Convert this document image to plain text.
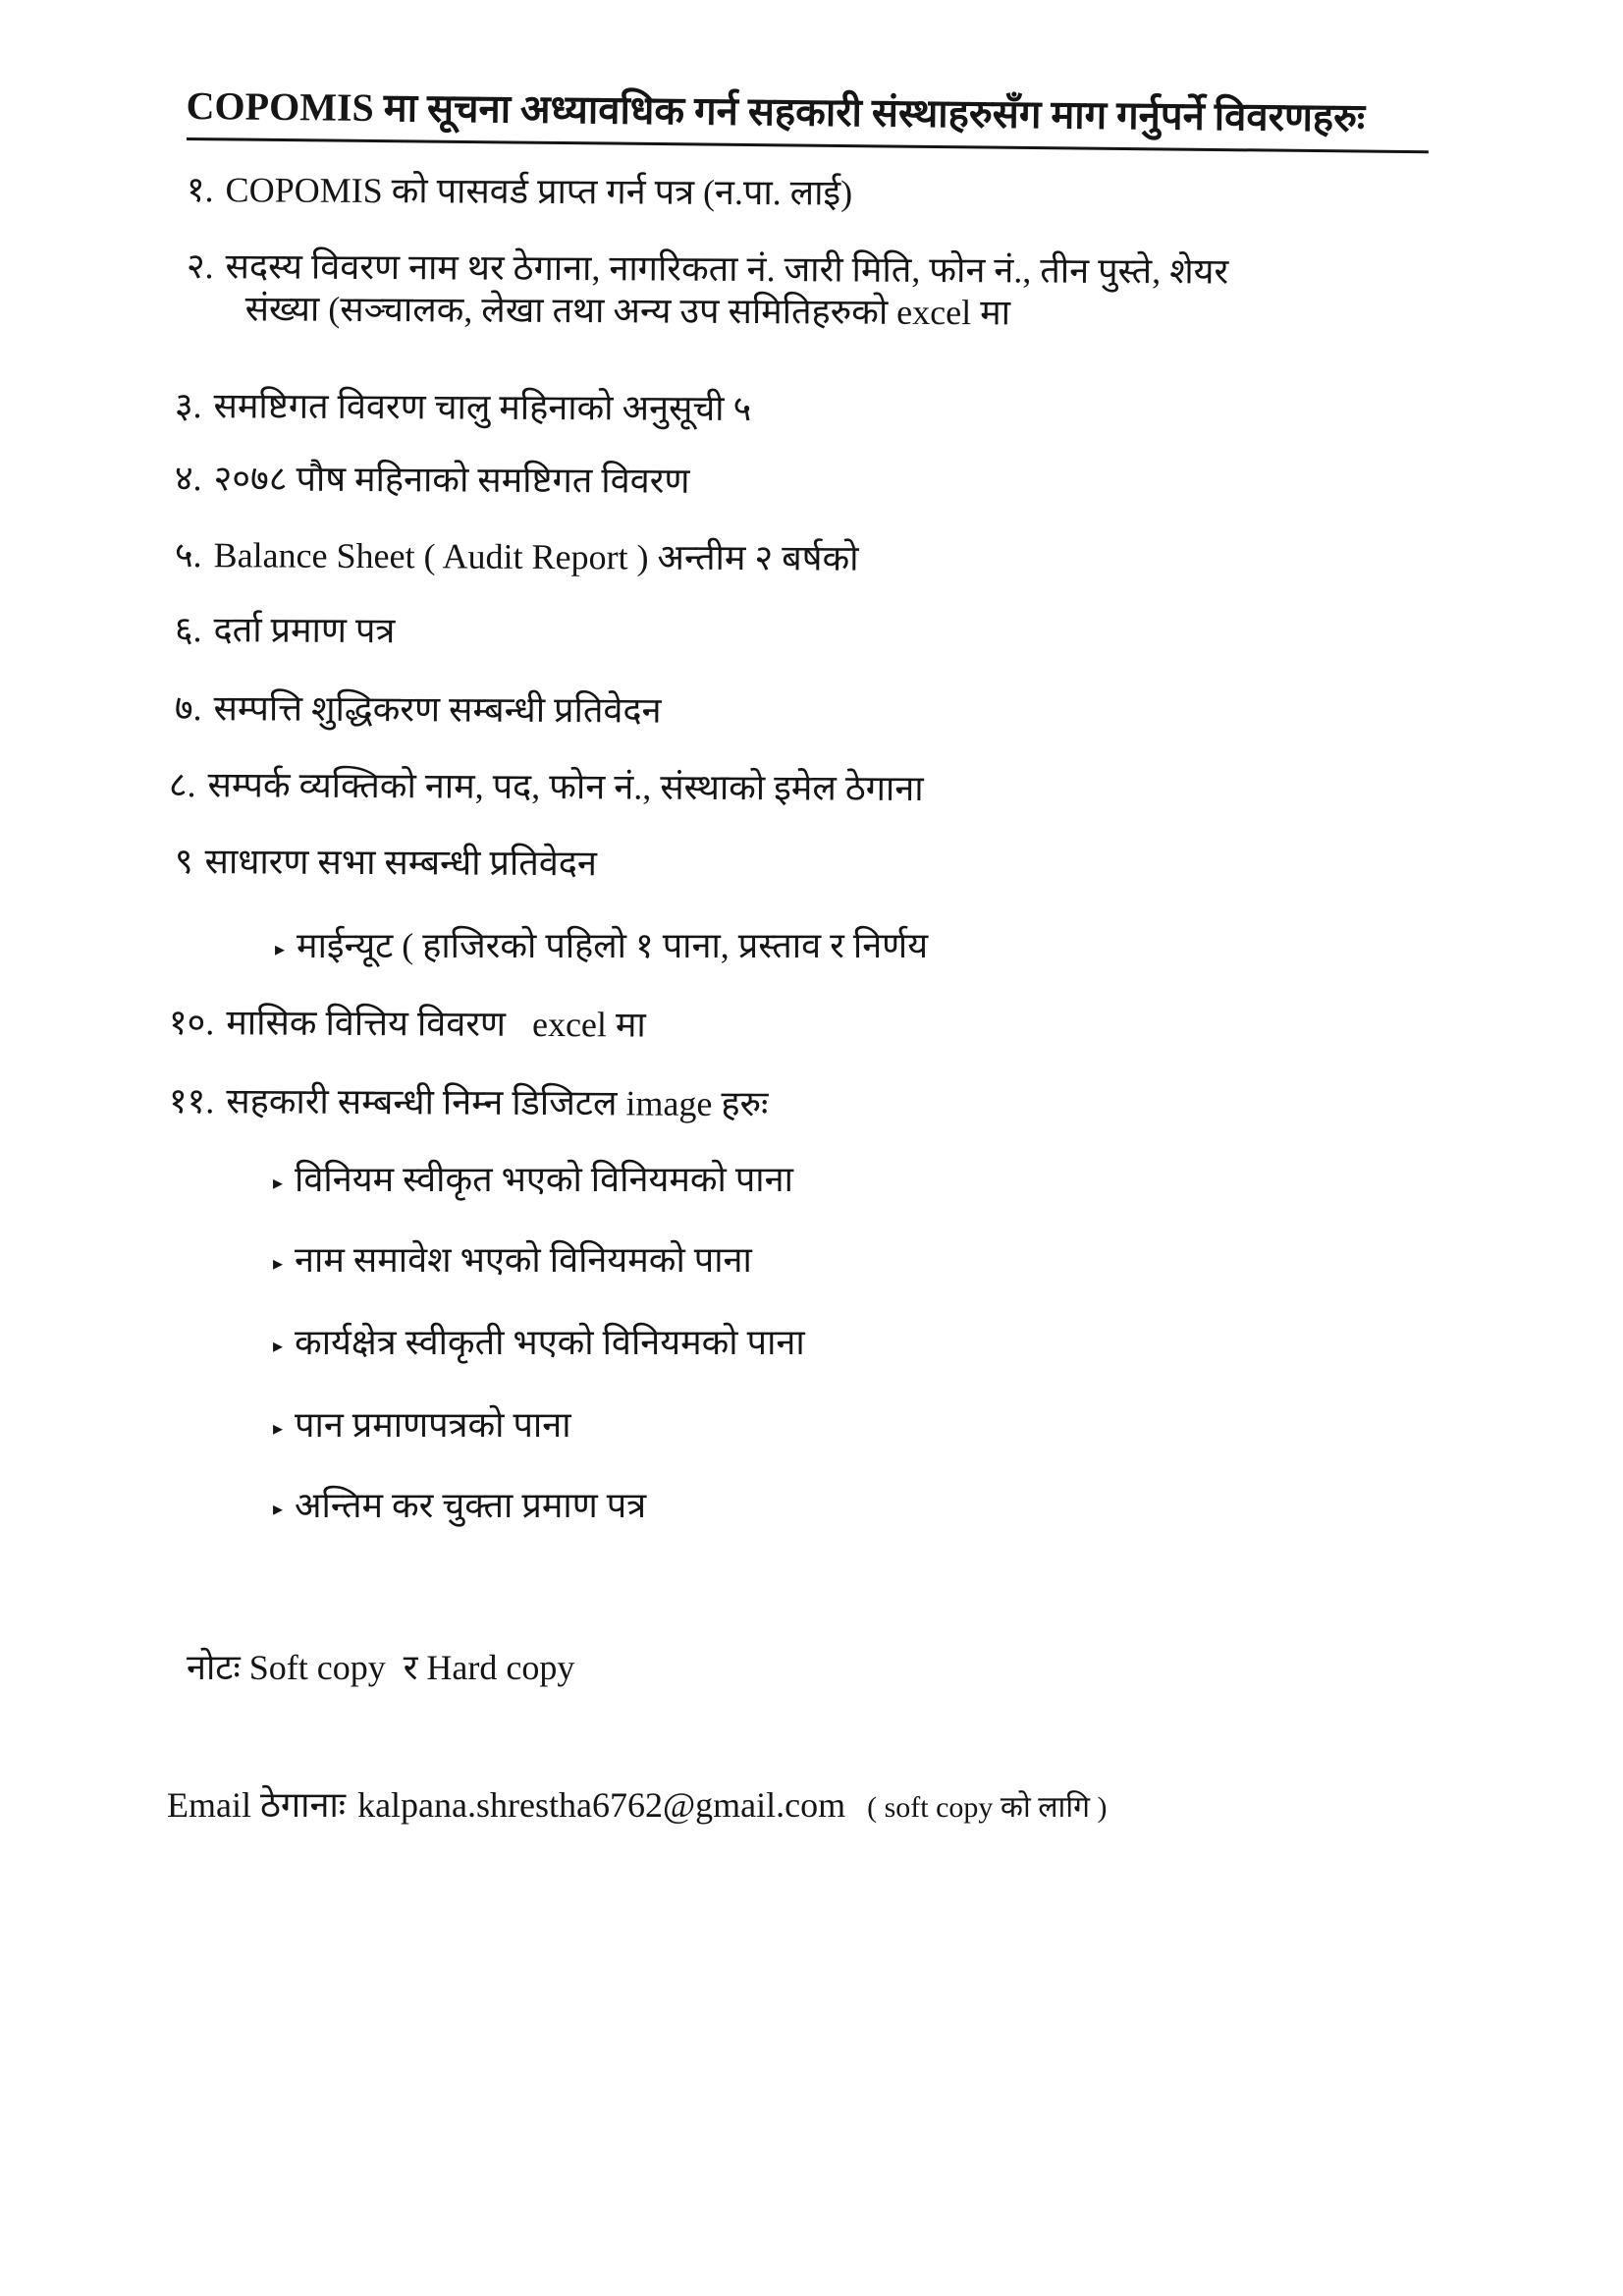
COPOMIS मा सूचना अध्यावधिक गर्न सहकारी संस्थाहरुसँग माग गर्नुपर्ने विवरणहरुः
१. COPOMIS को पासवर्ड प्राप्त गर्न पत्र (न.पा. लाई)
२. सदस्य विवरण नाम थर ठेगाना, नागरिकता नं. जारी मिति, फोन नं., तीन पुस्ते, शेयर
संख्या (सञ्चालक, लेखा तथा अन्य उप समितिहरुको excel मा
३. समष्टिगत विवरण चालु महिनाको अनुसूची ५
४. २०७८ पौष महिनाको समष्टिगत विवरण
५. Balance Sheet ( Audit Report ) अन्तीम २ बर्षको
६. दर्ता प्रमाण पत्र
७. सम्पत्ति शुद्धिकरण सम्बन्धी प्रतिवेदन
८. सम्पर्क व्यक्तिको नाम, पद, फोन नं., संस्थाको इमेल ठेगाना
९ साधारण सभा सम्बन्धी प्रतिवेदन
▸ माईन्यूट ( हाजिरको पहिलो १ पाना, प्रस्ताव र निर्णय
१०. मासिक वित्तिय विवरण   excel मा
११. सहकारी सम्बन्धी निम्न डिजिटल image हरुः
▸ विनियम स्वीकृत भएको विनियमको पाना
▸ नाम समावेश भएको विनियमको पाना
▸ कार्यक्षेत्र स्वीकृती भएको विनियमको पाना
▸ पान प्रमाणपत्रको पाना
▸ अन्तिम कर चुक्ता प्रमाण पत्र
नोटः Soft copy  र Hard copy
Email ठेगानाः kalpana.shrestha6762@gmail.com ( soft copy को लागि )
